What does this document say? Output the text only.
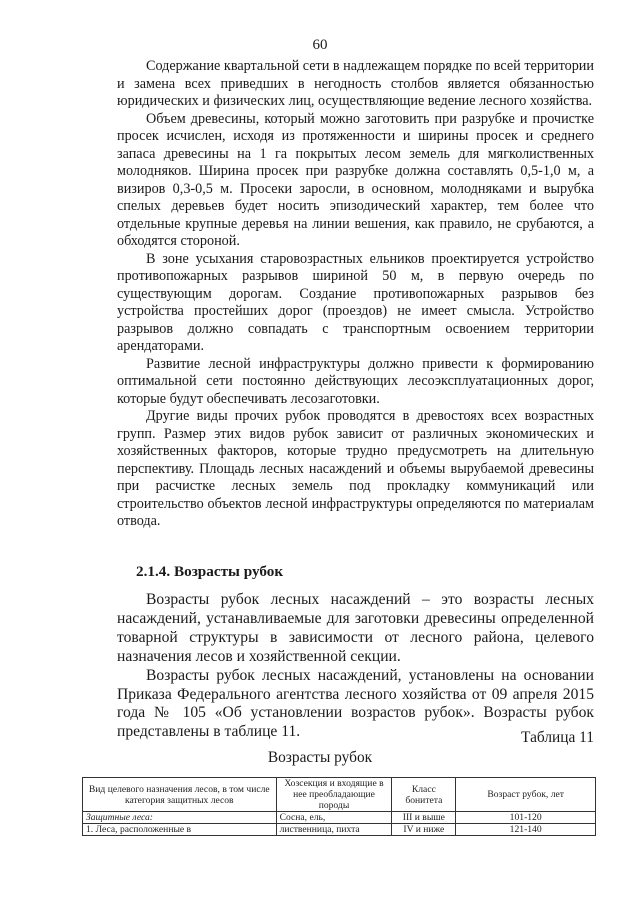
60

Содержание квартальной сети в надлежащем порядке по всей территории и замена всех приведших в негодность столбов является обязанностью юридических и физических лиц, осуществляющие ведение лесного хозяйства.

Объем древесины, который можно заготовить при разрубке и прочистке просек исчислен, исходя из протяженности и ширины просек и среднего запаса древесины на 1 га покрытых лесом земель для мягколиственных молодняков. Ширина просек при разрубке должна составлять 0,5-1,0 м, а визиров 0,3-0,5 м. Просеки заросли, в основном, молодняками и вырубка спелых деревьев будет носить эпизодический характер, тем более что отдельные крупные деревья на линии вешения, как правило, не срубаются, а обходятся стороной.

В зоне усыхания старовозрастных ельников проектируется устройство противопожарных разрывов шириной 50 м, в первую очередь по существующим дорогам. Создание противопожарных разрывов без устройства простейших дорог (проездов) не имеет смысла. Устройство разрывов должно совпадать с транспортным освоением территории арендаторами.

Развитие лесной инфраструктуры должно привести к формированию оптимальной сети постоянно действующих лесоэксплуатационных дорог, которые будут обеспечивать лесозаготовки.

Другие виды прочих рубок проводятся в древостоях всех возрастных групп. Размер этих видов рубок зависит от различных экономических и хозяйственных факторов, которые трудно предусмотреть на длительную перспективу. Площадь лесных насаждений и объемы вырубаемой древесины при расчистке лесных земель под прокладку коммуникаций или строительство объектов лесной инфраструктуры определяются по материалам отвода.

2.1.4. Возрасты рубок

Возрасты рубок лесных насаждений – это возрасты лесных насаждений, устанавливаемые для заготовки древесины определенной товарной структуры в зависимости от лесного района, целевого назначения лесов и хозяйственной секции.

Возрасты рубок лесных насаждений, установлены на основании Приказа Федерального агентства лесного хозяйства от 09 апреля 2015 года № 105 «Об установлении возрастов рубок». Возрасты рубок представлены в таблице 11.	Таблица 11
Возрасты рубок
Вид целевого назначения лесов, в том числе категория защитных лесов	Хозсекция и входящие в нее преобладающие породы	Класс бонитета	Возраст рубок, лет
Защитные леса:	Сосна, ель,	III и выше	101-120
1. Леса, расположенные в	лиственница, пихта	IV и ниже	121-140
